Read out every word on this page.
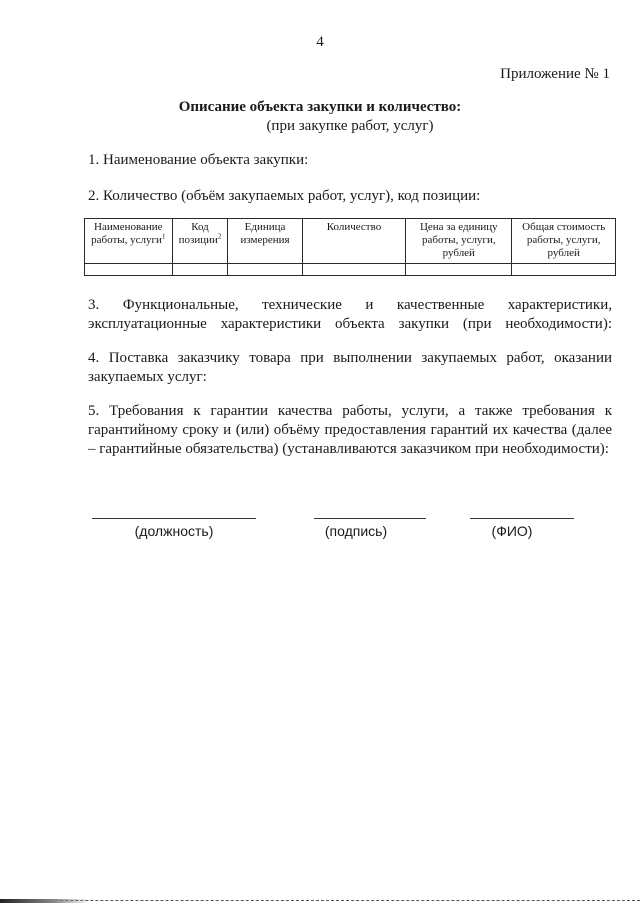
4
Приложение № 1
Описание объекта закупки и количество:
(при закупке работ, услуг)
1. Наименование объекта закупки:
2. Количество (объём закупаемых работ, услуг), код позиции:
Наименование работы, услуги$^1$	Код позиции$^2$	Единица измерения	Количество	Цена за единицу работы, услуги, рублей	Общая стоимость работы, услуги, рублей

3. Функциональные, технические и качественные характеристики, эксплуатационные характеристики объекта закупки (при необходимости):
4. Поставка заказчику товара при выполнении закупаемых работ, оказании закупаемых услуг:
5. Требования к гарантии качества работы, услуги, а также требования к гарантийному сроку и (или) объёму предоставления гарантий их качества (далее – гарантийные обязательства) (устанавливаются заказчиком при необходимости):
(должность)	(подпись)	(ФИО)
